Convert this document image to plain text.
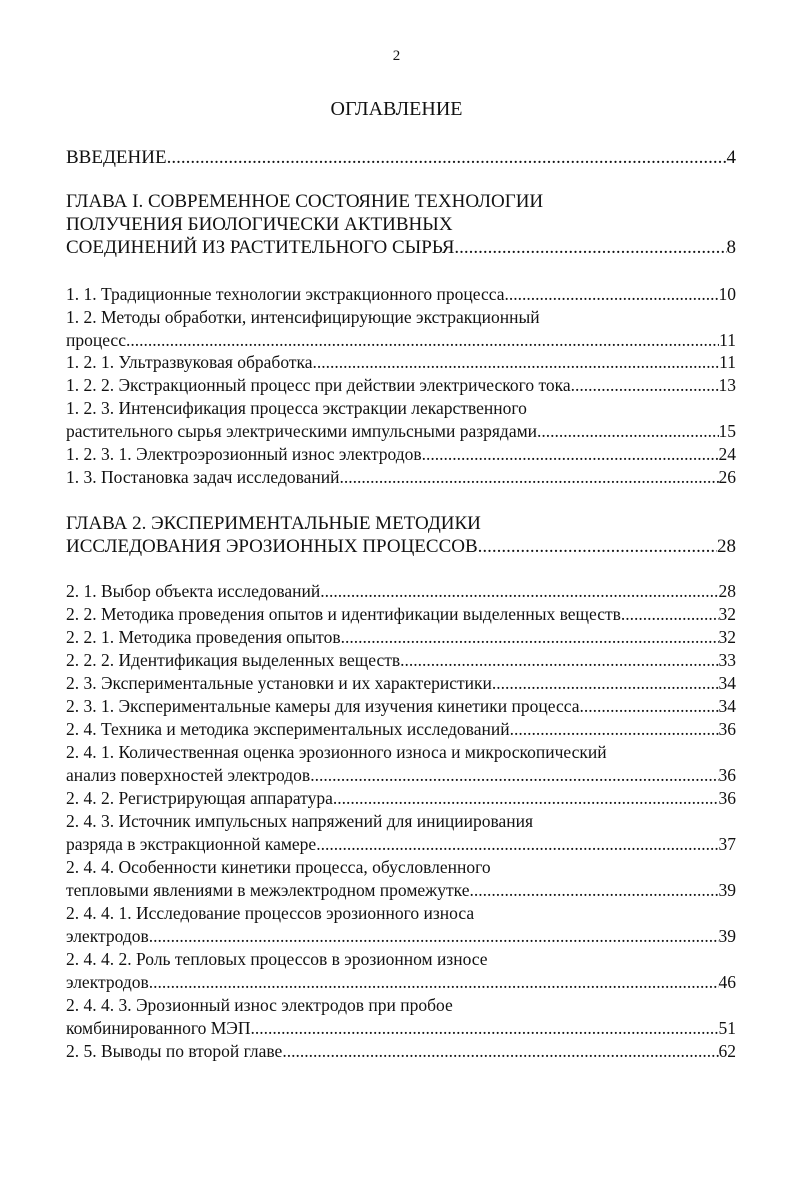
2
ОГЛАВЛЕНИЕ
ВВЕДЕНИЕ .....	4
ГЛАВА I. СОВРЕМЕННОЕ СОСТОЯНИЕ ТЕХНОЛОГИИ
ПОЛУЧЕНИЯ БИОЛОГИЧЕСКИ АКТИВНЫХ
СОЕДИНЕНИЙ ИЗ РАСТИТЕЛЬНОГО СЫРЬЯ .....	8
1. 1. Традиционные технологии экстракционного процесса .....	10
1. 2. Методы обработки, интенсифицирующие экстракционный
процесс .....	11
1. 2. 1. Ультразвуковая обработка .....	11
1. 2. 2. Экстракционный процесс при действии электрического тока .....	13
1. 2. 3. Интенсификация процесса экстракции лекарственного
растительного сырья электрическими импульсными разрядами .....	15
1. 2. 3. 1. Электроэрозионный износ электродов .....	24
1. 3. Постановка задач исследований .....	26
ГЛАВА 2. ЭКСПЕРИМЕНТАЛЬНЫЕ МЕТОДИКИ
ИССЛЕДОВАНИЯ ЭРОЗИОННЫХ ПРОЦЕССОВ .....	28
2. 1. Выбор объекта исследований .....	28
2. 2. Методика проведения опытов и идентификации выделенных веществ .....	32
2. 2. 1. Методика проведения опытов .....	32
2. 2. 2. Идентификация выделенных веществ .....	33
2. 3. Экспериментальные установки и их характеристики .....	34
2. 3. 1. Экспериментальные камеры для изучения кинетики процесса .....	34
2. 4. Техника и методика экспериментальных исследований .....	36
2. 4. 1. Количественная оценка эрозионного износа и микроскопический
анализ поверхностей электродов .....	36
2. 4. 2. Регистрирующая аппаратура .....	36
2. 4. 3. Источник импульсных напряжений для инициирования
разряда в экстракционной камере .....	37
2. 4. 4. Особенности кинетики процесса, обусловленного
тепловыми явлениями в межэлектродном промежутке .....	39
2. 4. 4. 1. Исследование процессов эрозионного износа
электродов .....	39
2. 4. 4. 2. Роль тепловых процессов в эрозионном износе
электродов .....	46
2. 4. 4. 3. Эрозионный износ электродов при пробое
комбинированного МЭП .....	51
2. 5. Выводы по второй главе .....	62
